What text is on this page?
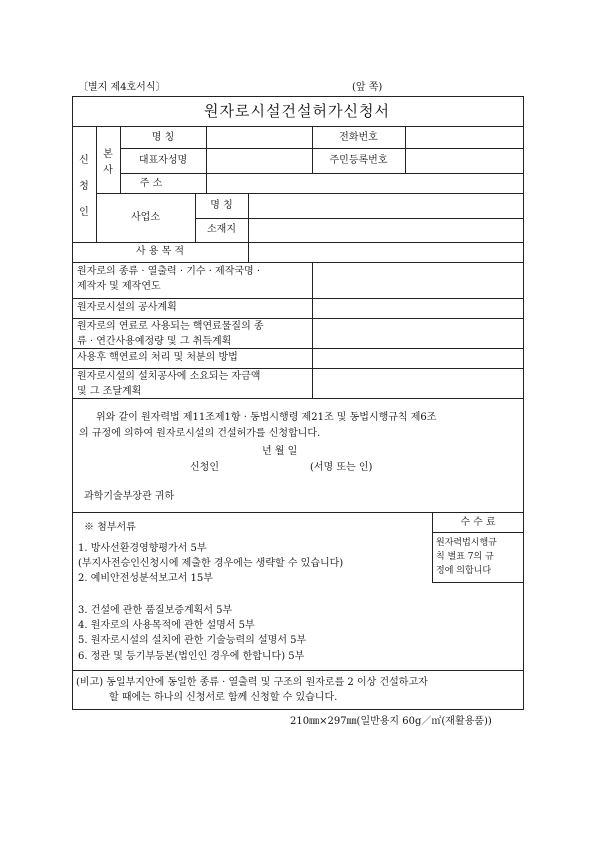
〔별지 제4호서식〕	(앞 쪽)
원자로시설건설허가신청서
신
청
인
본
사
명 칭
대표자성명
주 소
전화번호
주민등록번호
사업소
명 칭
소재지
사 용 목 적
원자로의 종류 · 열출력 · 기수 · 제작국명 ·
제작자 및 제작연도
원자로시설의 공사계획
원자로의 연료로 사용되는 핵연료물질의 종
류 · 연간사용예정량 및 그 취득계획
사용후 핵연료의 처리 및 처분의 방법
원자로시설의 설치공사에 소요되는 자금액
및 그 조달계획
위와 같이 원자력법 제11조제1항 · 동법시행령 제21조 및 동법시행규칙 제6조
의 규정에 의하여 원자로시설의 건설허가를 신청합니다.
년 월 일
신청인	(서명 또는 인)
과학기술부장관 귀하
※ 첨부서류
1. 방사선환경영향평가서 5부
(부지사전승인신청시에 제출한 경우에는 생략할 수 있습니다)
2. 예비안전성분석보고서 15부
3. 건설에 관한 품질보증계획서 5부
4. 원자로의 사용목적에 관한 설명서 5부
5. 원자로시설의 설치에 관한 기술능력의 설명서 5부
6. 정관 및 등기부등본(법인인 경우에 한합니다) 5부
수 수 료
원자력법시행규
칙 별표 7의 규
정에 의합니다
(비고) 동일부지안에 동일한 종류 · 열출력 및 구조의 원자로를 2 이상 건설하고자
할 때에는 하나의 신청서로 함께 신청할 수 있습니다.
210㎜×297㎜(일반용지 60g／㎡(재활용품))
